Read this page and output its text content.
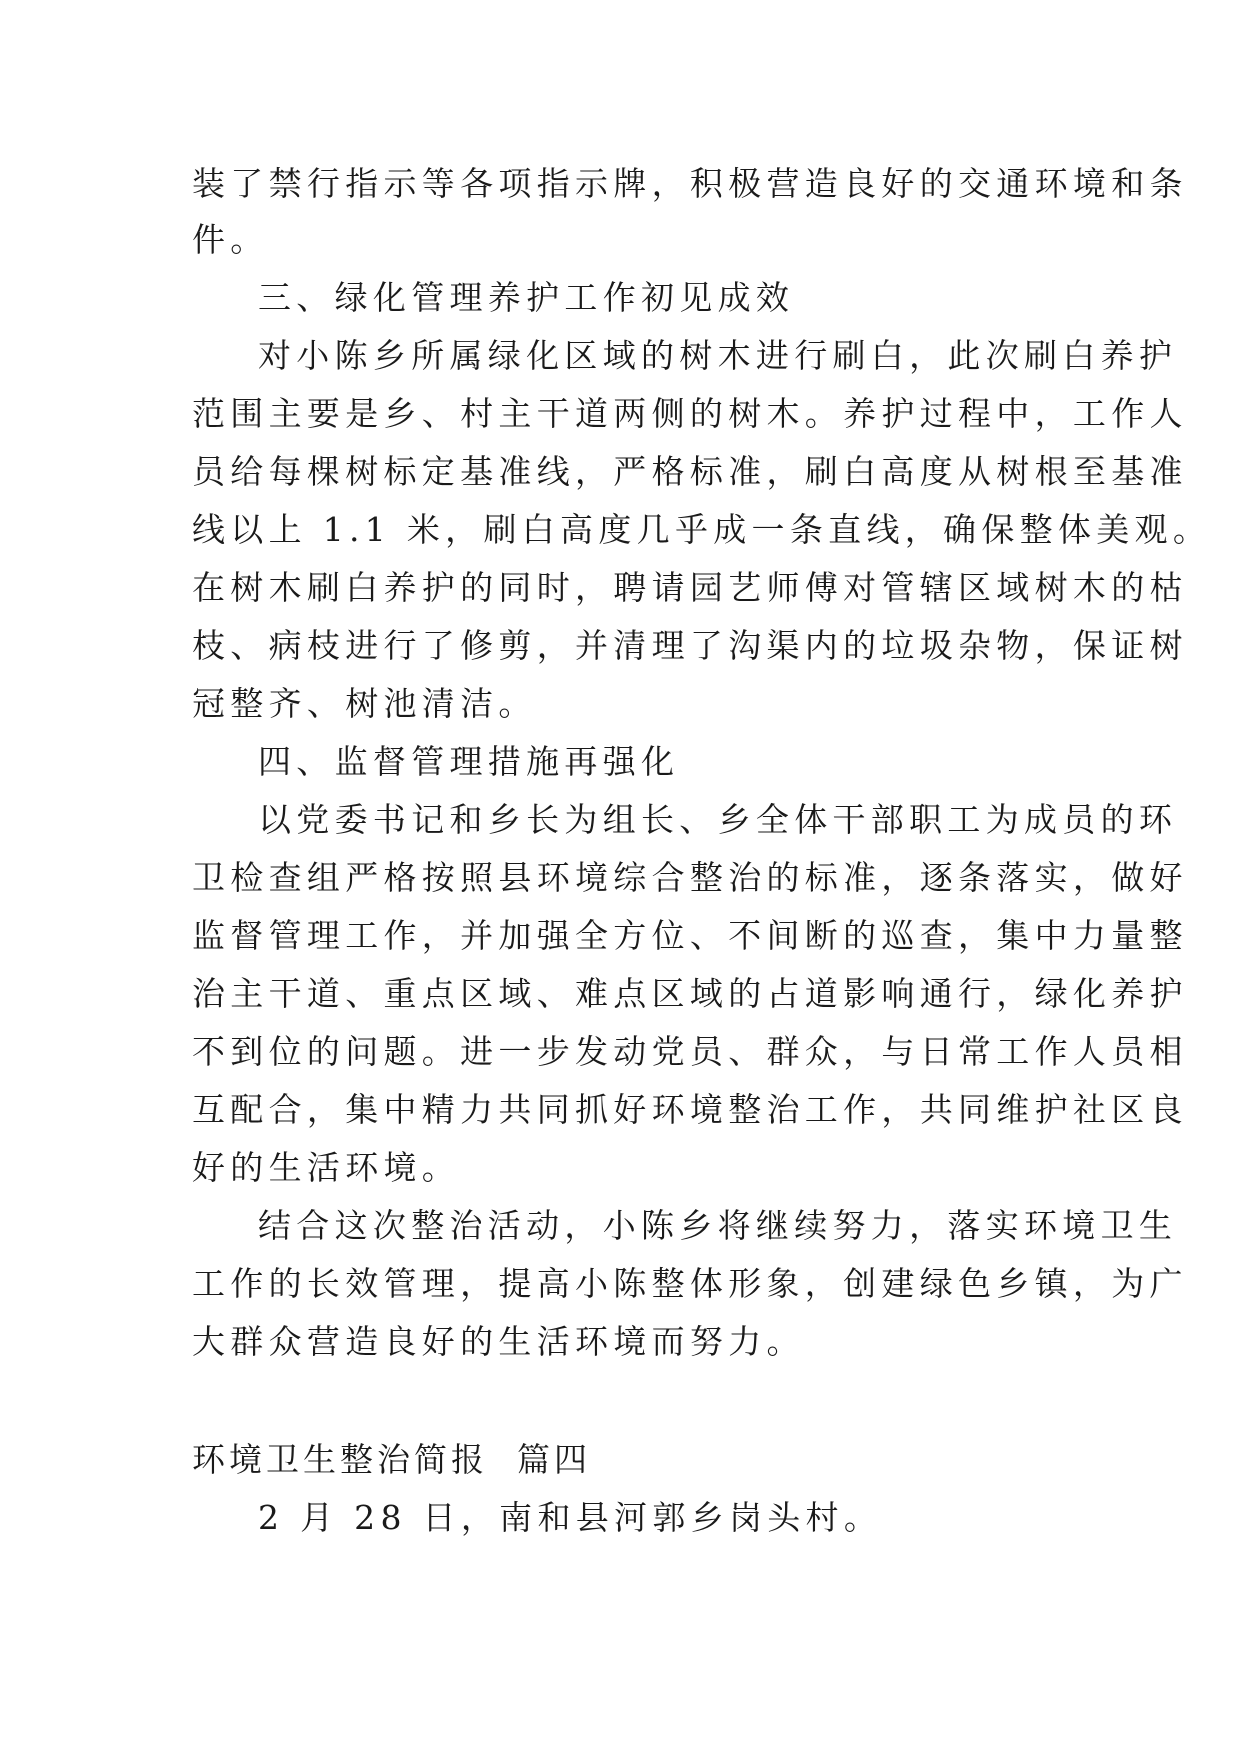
装了禁行指示等各项指示牌，积极营造良好的交通环境和条
件。
三、绿化管理养护工作初见成效
对小陈乡所属绿化区域的树木进行刷白，此次刷白养护
范围主要是乡、村主干道两侧的树木。养护过程中，工作人
员给每棵树标定基准线，严格标准，刷白高度从树根至基准
线以上 1.1 米，刷白高度几乎成一条直线，确保整体美观。
在树木刷白养护的同时，聘请园艺师傅对管辖区域树木的枯
枝、病枝进行了修剪，并清理了沟渠内的垃圾杂物，保证树
冠整齐、树池清洁。
四、监督管理措施再强化
以党委书记和乡长为组长、乡全体干部职工为成员的环
卫检查组严格按照县环境综合整治的标准，逐条落实，做好
监督管理工作，并加强全方位、不间断的巡查，集中力量整
治主干道、重点区域、难点区域的占道影响通行，绿化养护
不到位的问题。进一步发动党员、群众，与日常工作人员相
互配合，集中精力共同抓好环境整治工作，共同维护社区良
好的生活环境。
结合这次整治活动，小陈乡将继续努力，落实环境卫生
工作的长效管理，提高小陈整体形象，创建绿色乡镇，为广
大群众营造良好的生活环境而努力。
环境卫生整治简报  篇四
2 月 28 日，南和县河郭乡岗头村。
